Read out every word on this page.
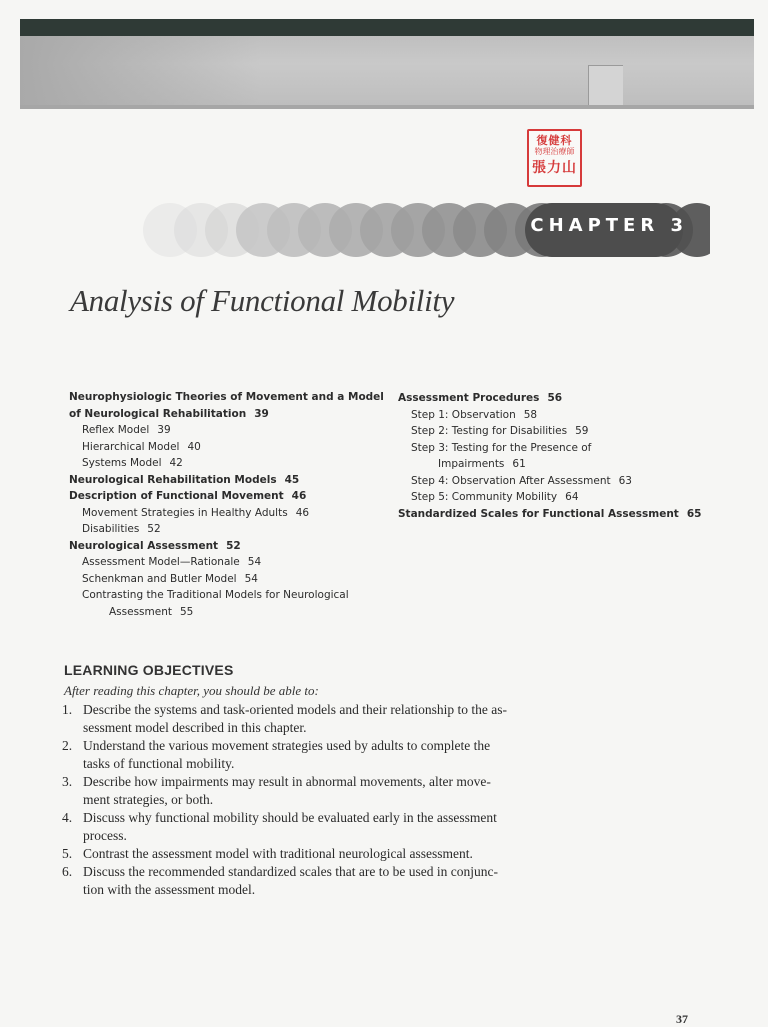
復健科
物理治療師
張力山
CHAPTER 3
Analysis of Functional Mobility
Neurophysiologic Theories of Movement and a Model
of Neurological Rehabilitation 39
Reflex Model 39
Hierarchical Model 40
Systems Model 42
Neurological Rehabilitation Models 45
Description of Functional Movement 46
Movement Strategies in Healthy Adults 46
Disabilities 52
Neurological Assessment 52
Assessment Model—Rationale 54
Schenkman and Butler Model 54
Contrasting the Traditional Models for Neurological
Assessment 55
Assessment Procedures 56
Step 1: Observation 58
Step 2: Testing for Disabilities 59
Step 3: Testing for the Presence of
Impairments 61
Step 4: Observation After Assessment 63
Step 5: Community Mobility 64
Standardized Scales for Functional Assessment 65
LEARNING OBJECTIVES
After reading this chapter, you should be able to:
1. Describe the systems and task-oriented models and their relationship to the as-
sessment model described in this chapter.
2. Understand the various movement strategies used by adults to complete the
tasks of functional mobility.
3. Describe how impairments may result in abnormal movements, alter move-
ment strategies, or both.
4. Discuss why functional mobility should be evaluated early in the assessment
process.
5. Contrast the assessment model with traditional neurological assessment.
6. Discuss the recommended standardized scales that are to be used in conjunc-
tion with the assessment model.
37
